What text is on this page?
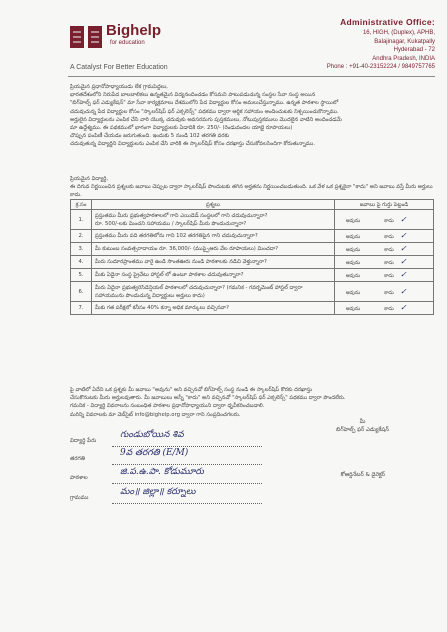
Bighelp
for education
A Catalyst For Better Education
Administrative Office:
16, HIGH, (Duplex), APHB,
Balajinagar, Kukatpally
Hyderabad - 72
Andhra Pradesh, INDIA
Phone : +91-40-23152224 / 9849757765
ప్రియమైన ప్రధానోపాధ్యాయుడు లేక గ్రామపెద్దలు,
భారతదేశంలోని నిరుపేద బాలబాలికలు ఉన్నతమైన విద్యనందించడం కోసమని పాటుపడుచున్న సంస్థల సేవా సంస్థ అయిన
"బిగ్‌హెల్ప్ ఫర్ ఎడ్యుకేషన్" మా సేవా కార్యక్రమాలు దేశములోని పేద విద్యార్థుల కోసం అమలుచేస్తున్నాము. ఉన్నత పాఠశాల స్థాయిలో
చదువుచున్న పేద విద్యార్థుల కోసం "స్కాలర్‌షిప్ ఫర్ ఎక్సలెన్స్" పథకము ద్వారా ఆర్థిక సహాయం అందించుటకు నిశ్చయించుకొన్నాము.
అర్హులైన విద్యార్థులను ఎంపిక చేసి వారి యొక్క చదువుకు అవసరమగు పుస్తకములు, నోటుపుస్తకములు మొదలైన వాటిని అందించడమే
మా ఉద్దేశ్యము. ఈ పథకములో భాగంగా విద్యార్థులకు ఏడాదికి రూ. 250/- (రెండువందల యాభై రూపాయలు)
చొప్పున పంపిణీ చేయడం జరుగుతుంది. ఇందుకు 5 నుండి 102 తరగతి వరకు
చదువుతున్న విద్యార్థిని విద్యార్థులను ఎంపిక చేసి వారికి ఈ స్కాలర్‌షిప్ కోసం దరఖాస్తు చేసుకోవలసిందిగా కోరుతున్నాము.
ప్రియమైన విద్యార్థి,
ఈ దిగువ నిర్ణయించిన ప్రశ్నలకు జవాబు చెప్పుట ద్వారా స్కాలర్‌షిప్ పొందుటకు తగిన అర్హతను నిర్ణయించబడుతుంది. ఒక వేళ ఒక ప్రశ్నకైనా "కాదు" అని జవాబు వస్తే మీరు అర్హులు కాదు.
క్ర.సం	ప్రశ్నలు	జవాబు పై గుర్తు పెట్టండి
1.	ప్రస్తుతము మీరు ప్రభుత్వపాఠశాలలో గాని ఎయిడెడ్ సంస్థలలో గాని చదువుచున్నారా?
రూ. 500/-లకు మించని సహాయము / స్కాలర్‌షిప్ మీరు పొందుచున్నారా?	అవును కాదు ✓
2.	ప్రస్తుతము మీరు పది తరగతిలోను గాని 102 తరగతిపైన గాని చదువుచున్నారా?	అవును కాదు ✓
3.	మీ కుటుంబ సంవత్సరాదాయం రూ. 36,000/- (ముప్పైఆరు వేల రూపాయలు) మించదా?	అవును కాదు ✓
4.	మీరు సుదూరప్రాంతము వారై ఉండి సొంతఊరు నుండి పాఠశాలకు నడిచి వెళ్తున్నారా?	అవును కాదు ✓
5.	మీకు ఏదైనా సంస్థ ప్రైవేటు హాస్టల్ లో ఉంటూ పాఠశాల చదువుతున్నారా?	అవును కాదు ✓
6.	మీరు ఏదైనా ప్రభుత్వరెసిడెన్షియల్ పాఠశాలలో చదువుచున్నారా? (గమనిక - గవర్నమెంట్ హాస్టల్ ద్వారా
సహాయమును పొందుచున్న విద్యార్థులు అర్హులు కాదు)	అవును కాదు ✓
7.	మీకు గత పరీక్షలో కనీసం 40% కన్నా అధిక మార్కులు వచ్చినవా?	అవును కాదు ✓
పై వాటిలో ఏదేని ఒక ప్రశ్నకు మీ జవాబు "అవును" అని వచ్చినచో బిగ్‌హెల్ప్ సంస్థ నుండి ఈ స్కాలర్‌షిప్ కొరకు దరఖాస్తు
చేసుకొనుటకు మీరు అర్హులవుతారు. మీ జవాబులు అన్నీ "కాదు" అని వచ్చినచో "స్కాలర్‌షిప్ ఫర్ ఎక్సలెన్స్" పథకము ద్వారా పొందలేరు.
గమనిక - విద్యార్థి వివరాలను సంబంధిత పాఠశాల ప్రధానోపాధ్యాయుని ద్వారా ధృవీకరించబడాలి.
మరిన్ని వివరాలకు మా వెబ్‌సైట్ info@bighelp.org ద్వారా గాని సంప్రదించగలరు.
మీ
బిగ్‌హెల్ప్ ఫర్ ఎడ్యుకేషన్
విద్యార్థి పేరు
గుండుబోయిన శివ
తరగతి
9వ తరగతి (E/M)
పాఠశాల
జి.ప.ఉ.పా. కోడుమూరు
గ్రామము
మం॥ జిల్లా॥ కర్నూలు
కోఆర్డినేటర్ & డైరెక్టర్
